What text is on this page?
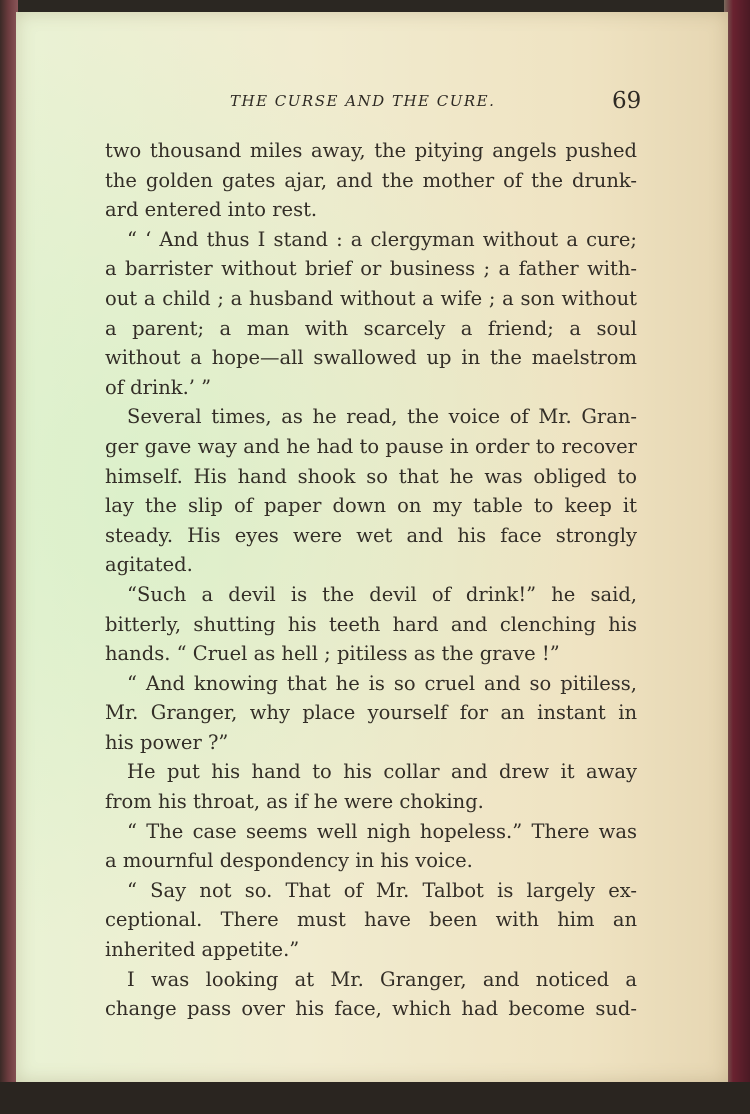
THE CURSE AND THE CURE.	69
two thousand miles away, the pitying angels pushed
the golden gates ajar, and the mother of the drunk-
ard entered into rest.
“ ‘ And thus I stand : a clergyman without a cure;
a barrister without brief or business ; a father with-
out a child ; a husband without a wife ; a son without
a parent; a man with scarcely a friend; a soul
without a hope—all swallowed up in the maelstrom
of drink.’ ”
Several times, as he read, the voice of Mr. Gran-
ger gave way and he had to pause in order to recover
himself. His hand shook so that he was obliged to
lay the slip of paper down on my table to keep it
steady. His eyes were wet and his face strongly
agitated.
“Such a devil is the devil of drink!” he said,
bitterly, shutting his teeth hard and clenching his
hands. “ Cruel as hell ; pitiless as the grave !”
“ And knowing that he is so cruel and so pitiless,
Mr. Granger, why place yourself for an instant in
his power ?”
He put his hand to his collar and drew it away
from his throat, as if he were choking.
“ The case seems well nigh hopeless.” There was
a mournful despondency in his voice.
“ Say not so. That of Mr. Talbot is largely ex-
ceptional. There must have been with him an
inherited appetite.”
I was looking at Mr. Granger, and noticed a
change pass over his face, which had become sud-
